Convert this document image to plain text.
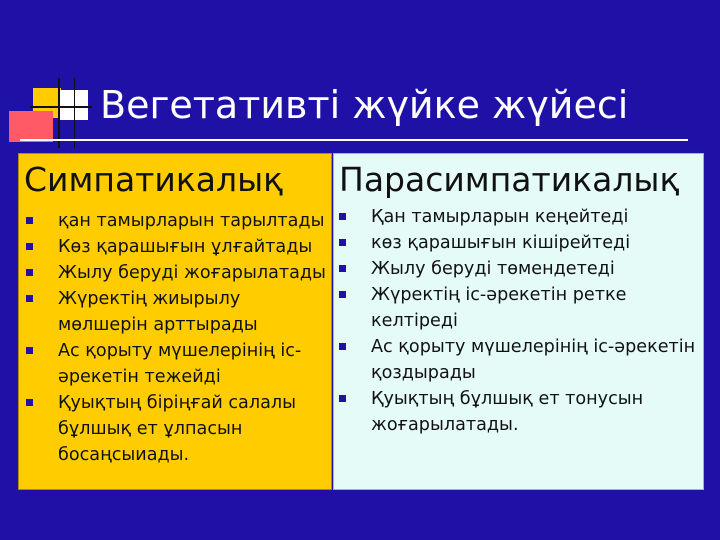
Вегетативті жүйке жүйесі
Симпатикалық Парасимпатикалық
қан тамырларын тарылтады
Көз қарашығын ұлғайтады
Жылу беруді жоғарылатады
Жүректің жиырылу мөлшерін арттырады
Ас қорыту мүшелерінің іс-әрекетін тежейді
Қуықтың біріңғай салалы бұлшық ет ұлпасын босаңсыиады.
Қан тамырларын кеңейтеді
көз қарашығын кішірейтеді
Жылу беруді төмендетеді
Жүректің іс-әрекетін ретке келтіреді
Ас қорыту мүшелерінің іс-әрекетін қоздырады
Қуықтың бұлшық ет тонусын жоғарылатады.
